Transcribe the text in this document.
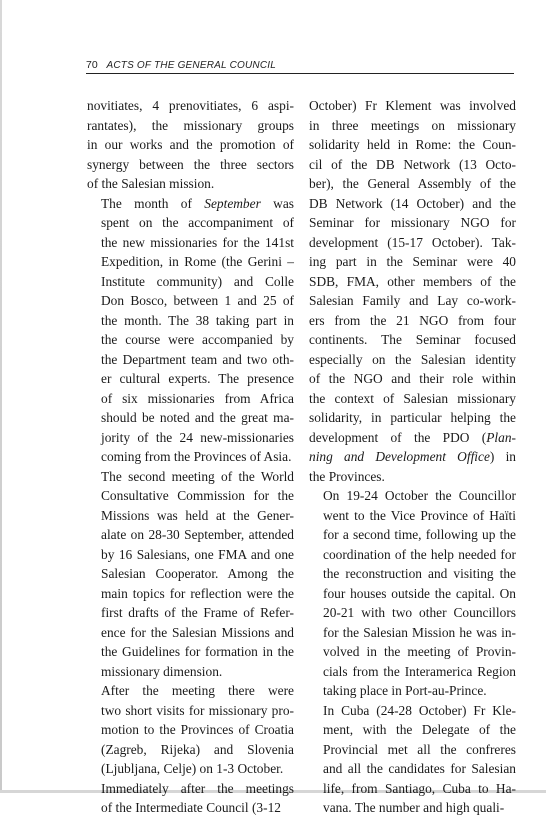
70 ACTS OF THE GENERAL COUNCIL

novitiates, 4 prenovitiates, 6 aspi-
rantates), the missionary groups
in our works and the promotion of
synergy between the three sectors
of the Salesian mission.

The month of September was
spent on the accompaniment of
the new missionaries for the 141st
Expedition, in Rome (the Gerini –
Institute community) and Colle
Don Bosco, between 1 and 25 of
the month. The 38 taking part in
the course were accompanied by
the Department team and two oth-
er cultural experts. The presence
of six missionaries from Africa
should be noted and the great ma-
jority of the 24 new-missionaries
coming from the Provinces of Asia.

The second meeting of the World
Consultative Commission for the
Missions was held at the Gener-
alate on 28-30 September, attended
by 16 Salesians, one FMA and one
Salesian Cooperator. Among the
main topics for reflection were the
first drafts of the Frame of Refer-
ence for the Salesian Missions and
the Guidelines for formation in the
missionary dimension.

After the meeting there were
two short visits for missionary pro-
motion to the Provinces of Croatia
(Zagreb, Rijeka) and Slovenia
(Ljubljana, Celje) on 1-3 October.

Immediately after the meetings
of the Intermediate Council (3-12

October) Fr Klement was involved
in three meetings on missionary
solidarity held in Rome: the Coun-
cil of the DB Network (13 Octo-
ber), the General Assembly of the
DB Network (14 October) and the
Seminar for missionary NGO for
development (15-17 October). Tak-
ing part in the Seminar were 40
SDB, FMA, other members of the
Salesian Family and Lay co-work-
ers from the 21 NGO from four
continents. The Seminar focused
especially on the Salesian identity
of the NGO and their role within
the context of Salesian missionary
solidarity, in particular helping the
development of the PDO (Plan-
ning and Development Office) in
the Provinces.

On 19-24 October the Councillor
went to the Vice Province of Haïti
for a second time, following up the
coordination of the help needed for
the reconstruction and visiting the
four houses outside the capital. On
20-21 with two other Councillors
for the Salesian Mission he was in-
volved in the meeting of Provin-
cials from the Interamerica Region
taking place in Port-au-Prince.

In Cuba (24-28 October) Fr Kle-
ment, with the Delegate of the
Provincial met all the confreres
and all the candidates for Salesian
life, from Santiago, Cuba to Ha-
vana. The number and high quali-
